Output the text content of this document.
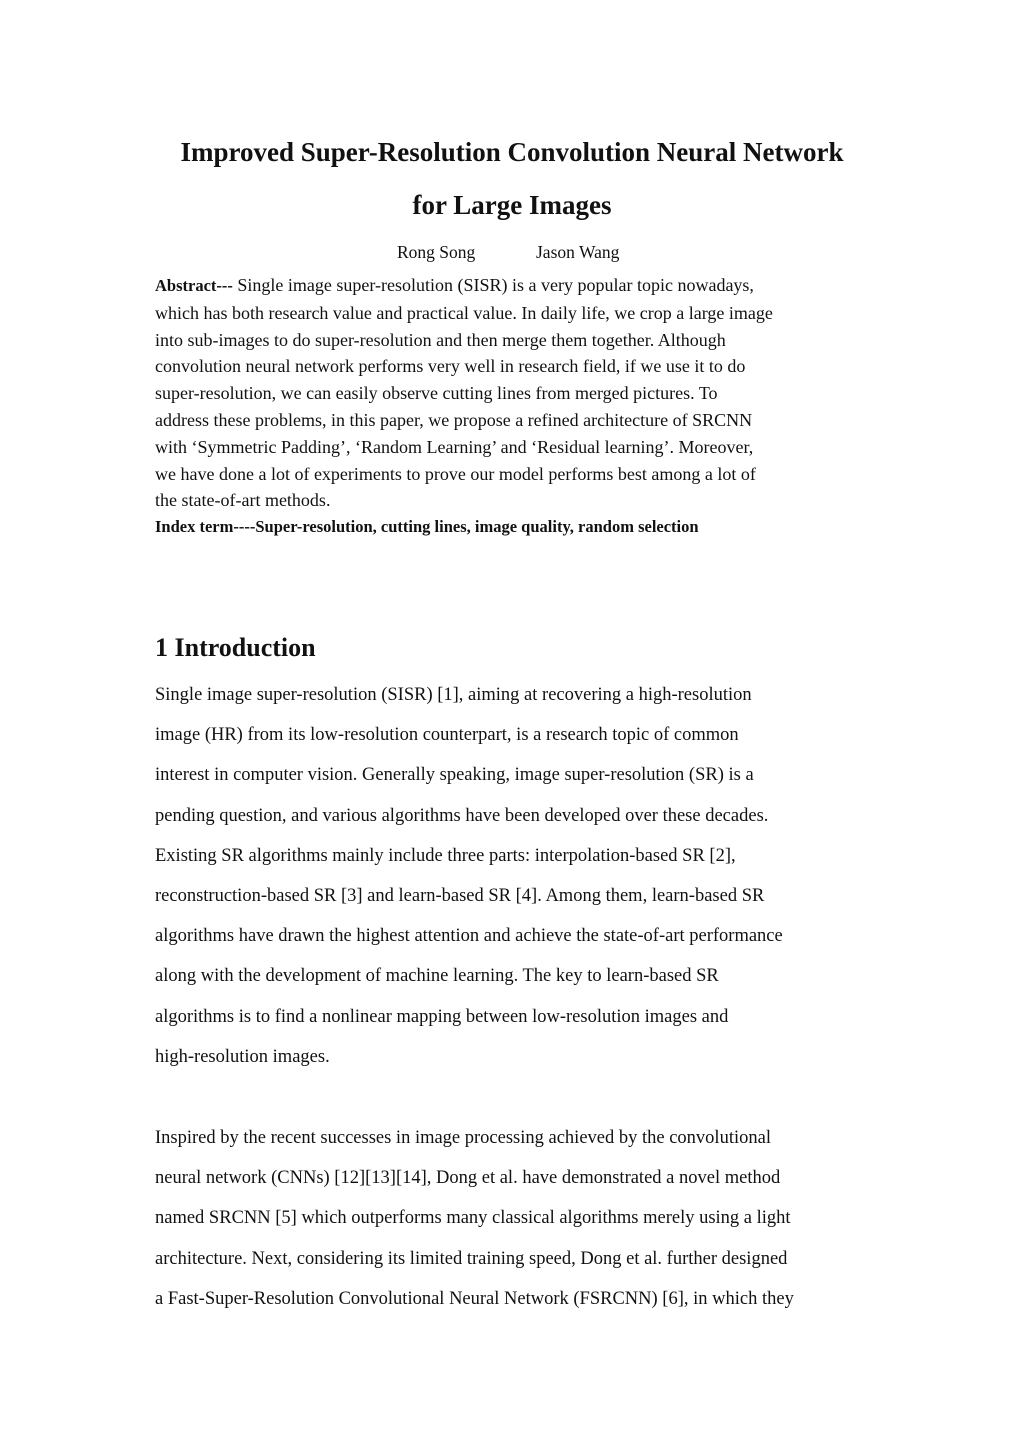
Improved Super-Resolution Convolution Neural Network
for Large Images
Rong Song	Jason Wang
Abstract--- Single image super-resolution (SISR) is a very popular topic nowadays,
which has both research value and practical value. In daily life, we crop a large image
into sub-images to do super-resolution and then merge them together. Although
convolution neural network performs very well in research field, if we use it to do
super-resolution, we can easily observe cutting lines from merged pictures. To
address these problems, in this paper, we propose a refined architecture of SRCNN
with ‘Symmetric Padding’, ‘Random Learning’ and ‘Residual learning’. Moreover,
we have done a lot of experiments to prove our model performs best among a lot of
the state-of-art methods.
Index term----Super-resolution, cutting lines, image quality, random selection
1 Introduction
Single image super-resolution (SISR) [1], aiming at recovering a high-resolution
image (HR) from its low-resolution counterpart, is a research topic of common
interest in computer vision. Generally speaking, image super-resolution (SR) is a
pending question, and various algorithms have been developed over these decades.
Existing SR algorithms mainly include three parts: interpolation-based SR [2],
reconstruction-based SR [3] and learn-based SR [4]. Among them, learn-based SR
algorithms have drawn the highest attention and achieve the state-of-art performance
along with the development of machine learning. The key to learn-based SR
algorithms is to find a nonlinear mapping between low-resolution images and
high-resolution images.
Inspired by the recent successes in image processing achieved by the convolutional
neural network (CNNs) [12][13][14], Dong et al. have demonstrated a novel method
named SRCNN [5] which outperforms many classical algorithms merely using a light
architecture. Next, considering its limited training speed, Dong et al. further designed
a Fast-Super-Resolution Convolutional Neural Network (FSRCNN) [6], in which they
